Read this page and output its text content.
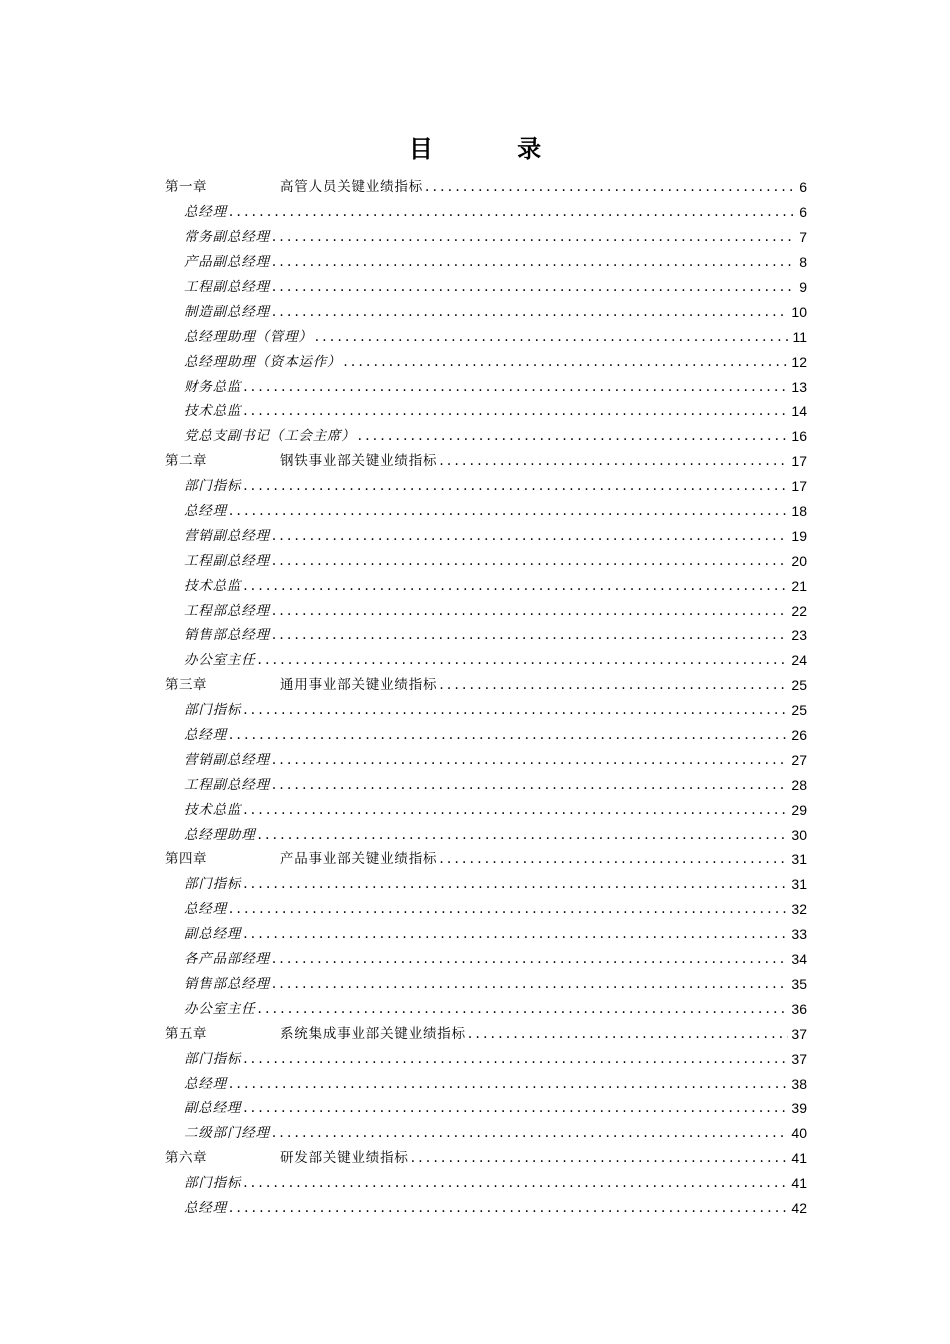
目 录
第一章	高管人员关键业绩指标 . . .	6
总经理 . . .	6
常务副总经理 . . .	7
产品副总经理 . . .	8
工程副总经理 . . .	9
制造副总经理 . . .	10
总经理助理（管理） . . .	11
总经理助理（资本运作） . . .	12
财务总监 . . .	13
技术总监 . . .	14
党总支副书记（工会主席） . . .	16
第二章	钢铁事业部关键业绩指标 . . .	17
部门指标 . . .	17
总经理 . . .	18
营销副总经理 . . .	19
工程副总经理 . . .	20
技术总监 . . .	21
工程部总经理 . . .	22
销售部总经理 . . .	23
办公室主任 . . .	24
第三章	通用事业部关键业绩指标 . . .	25
部门指标 . . .	25
总经理 . . .	26
营销副总经理 . . .	27
工程副总经理 . . .	28
技术总监 . . .	29
总经理助理 . . .	30
第四章	产品事业部关键业绩指标 . . .	31
部门指标 . . .	31
总经理 . . .	32
副总经理 . . .	33
各产品部经理 . . .	34
销售部总经理 . . .	35
办公室主任 . . .	36
第五章	系统集成事业部关键业绩指标 . . .	37
部门指标 . . .	37
总经理 . . .	38
副总经理 . . .	39
二级部门经理 . . .	40
第六章	研发部关键业绩指标 . . .	41
部门指标 . . .	41
总经理 . . .	42
